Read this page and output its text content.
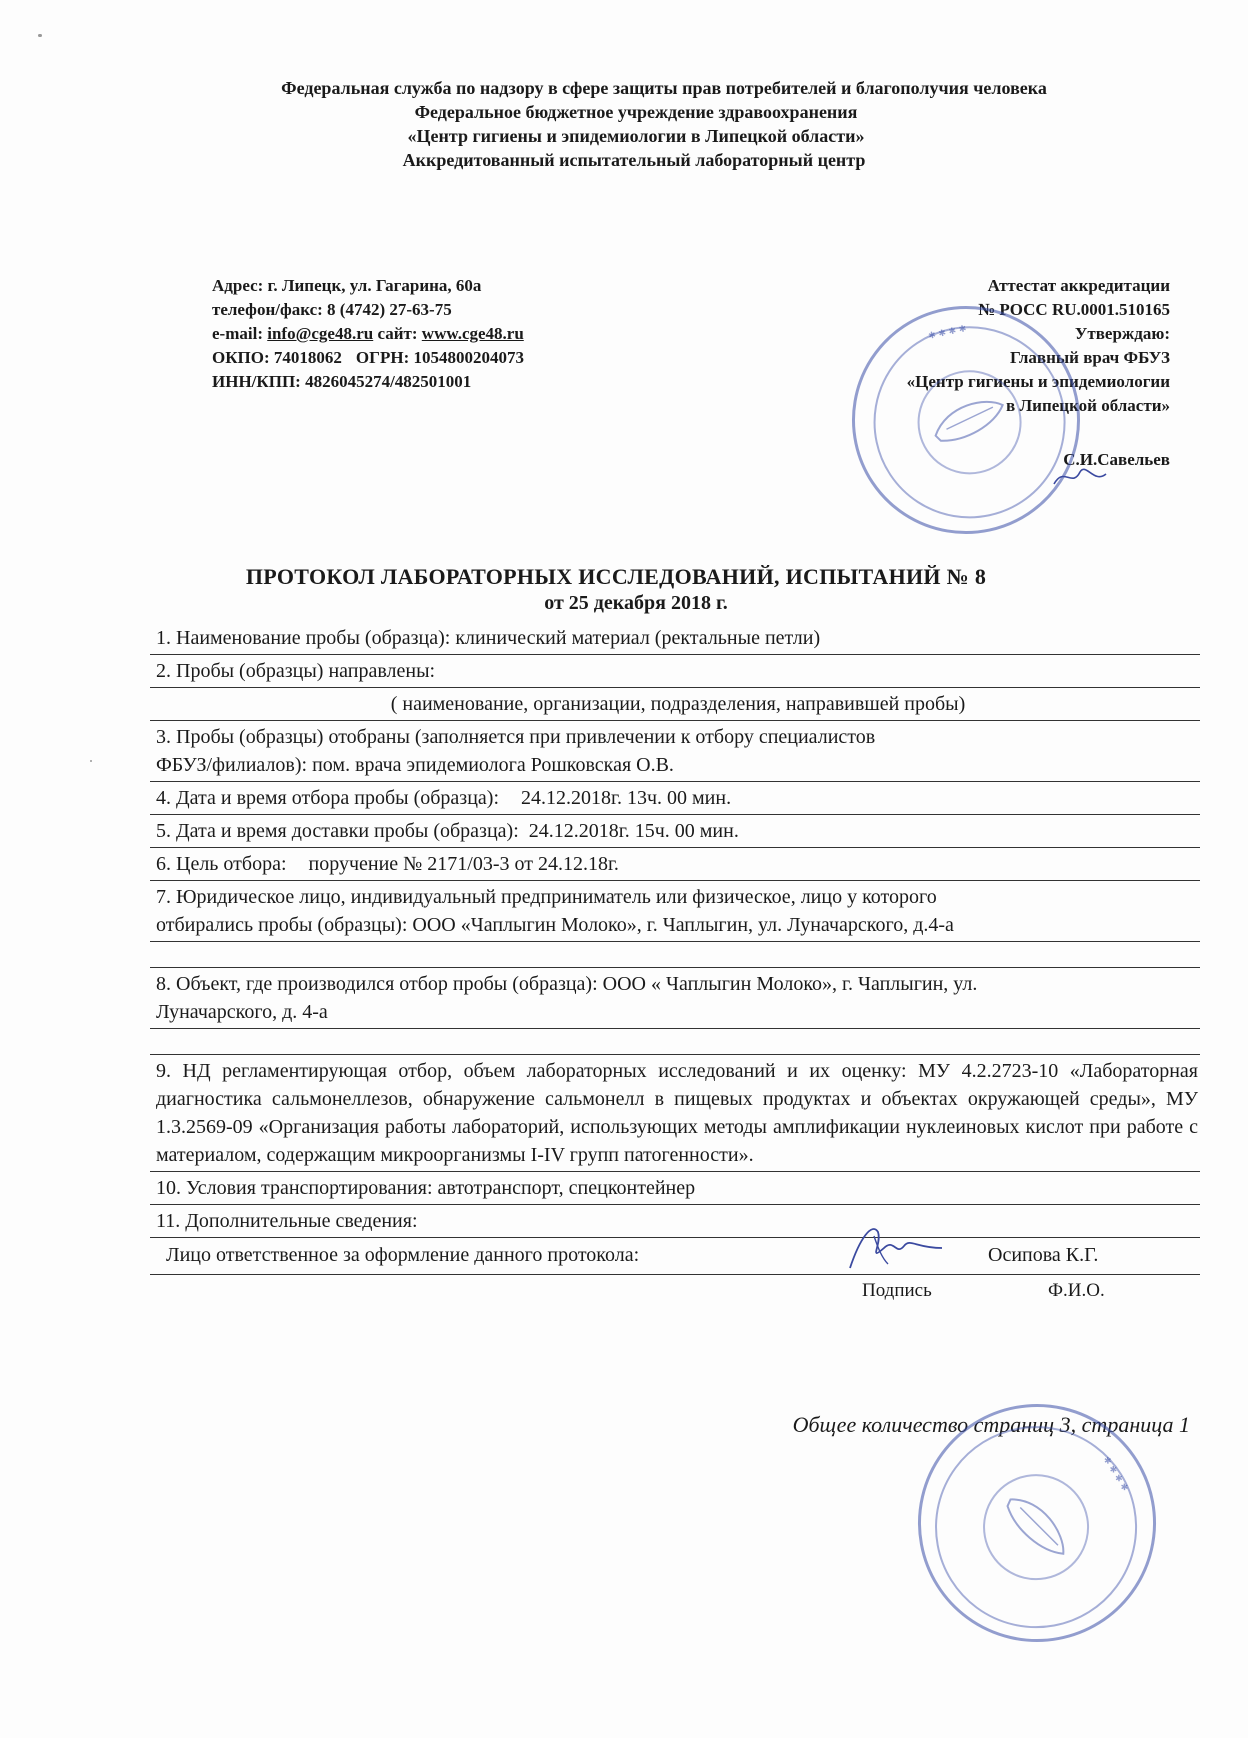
Федеральная служба по надзору в сфере защиты прав потребителей и благополучия человека
Федеральное бюджетное учреждение здравоохранения
«Центр гигиены и эпидемиологии в Липецкой области»
Аккредитованный испытательный лабораторный центр
Адрес: г. Липецк, ул. Гагарина, 60а
телефон/факс: 8 (4742) 27-63-75
e-mail: info@cge48.ru сайт: www.cge48.ru
ОКПО: 74018062 ОГРН: 1054800204073
ИНН/КПП: 4826045274/482501001
Аттестат аккредитации
№ РОСС RU.0001.510165
Утверждаю:
Главный врач ФБУЗ
«Центр гигиены и эпидемиологии
в Липецкой области»
С.И.Савельев
✱ ✱ ✱ ✱
ПРОТОКОЛ ЛАБОРАТОРНЫХ ИССЛЕДОВАНИЙ, ИСПЫТАНИЙ № 8
от 25 декабря 2018 г.
1. Наименование пробы (образца): клинический материал (ректальные петли)
2. Пробы (образцы) направлены:
( наименование, организации, подразделения, направившей пробы)
3. Пробы (образцы) отобраны (заполняется при привлечении к отбору специалистов
ФБУЗ/филиалов): пом. врача эпидемиолога Рошковская О.В.
4. Дата и время отбора пробы (образца): 24.12.2018г. 13ч. 00 мин.
5. Дата и время доставки пробы (образца): 24.12.2018г. 15ч. 00 мин.
6. Цель отбора: поручение № 2171/03-3 от 24.12.18г.
7. Юридическое лицо, индивидуальный предприниматель или физическое, лицо у которого
отбирались пробы (образцы): ООО «Чаплыгин Молоко», г. Чаплыгин, ул. Луначарского, д.4-а
8. Объект, где производился отбор пробы (образца): ООО « Чаплыгин Молоко», г. Чаплыгин, ул.
Луначарского, д. 4-а
9. НД регламентирующая отбор, объем лабораторных исследований и их оценку: МУ 4.2.2723-10 «Лабораторная диагностика сальмонеллезов, обнаружение сальмонелл в пищевых продуктах и объектах окружающей среды», МУ 1.3.2569-09 «Организация работы лабораторий, использующих методы амплификации нуклеиновых кислот при работе с материалом, содержащим микроорганизмы I-IV групп патогенности».
10. Условия транспортирования: автотранспорт, спецконтейнер
11. Дополнительные сведения:
Лицо ответственное за оформление данного протокола:	Осипова К.Г.
Подпись	Ф.И.О.
Общее количество страниц 3, страница 1
✱ ✱ ✱ ✱
